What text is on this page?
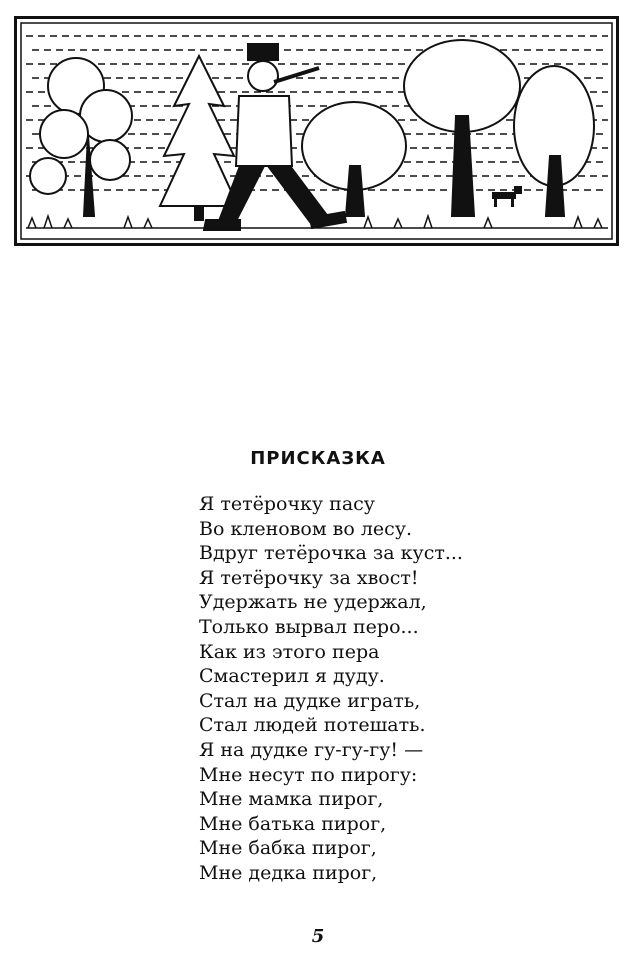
ПРИСКАЗКА
Я тетёрочку пасу
Во кленовом во лесу.
Вдруг тетёрочка за куст...
Я тетёрочку за хвост!
Удержать не удержал,
Только вырвал перо...
Как из этого пера
Смастерил я дуду.
Стал на дудке играть,
Стал людей потешать.
Я на дудке гу-гу-гу! —
Мне несут по пирогу:
Мне мамка пирог,
Мне батька пирог,
Мне бабка пирог,
Мне дедка пирог,
5
